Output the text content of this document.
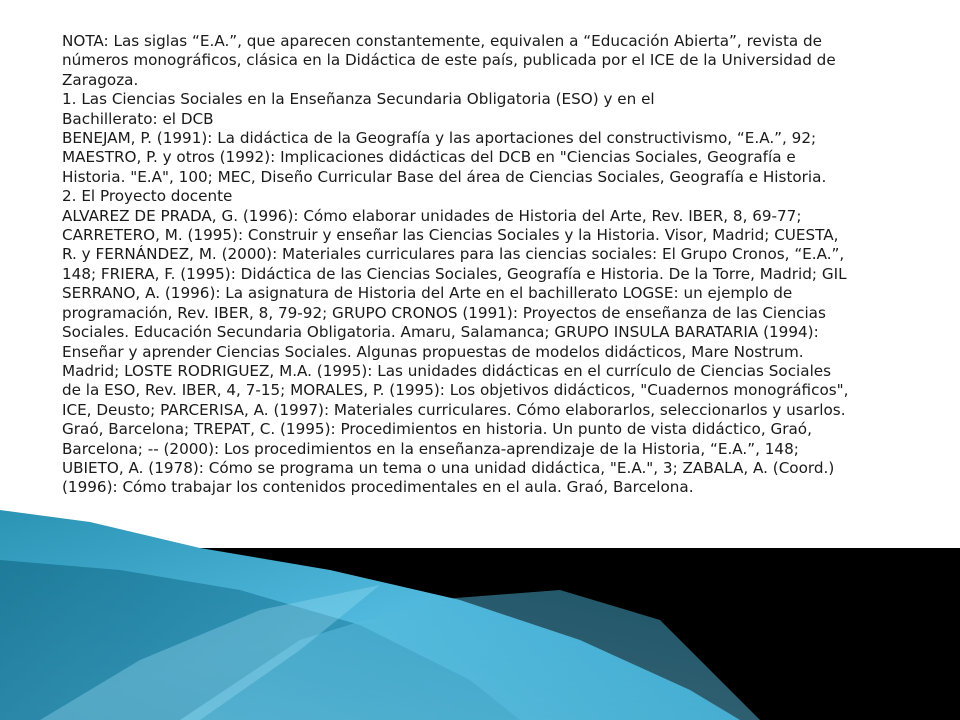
NOTA: Las siglas “E.A.”, que aparecen constantemente, equivalen a “Educación Abierta”, revista de números monográficos, clásica en la Didáctica de este país, publicada por el ICE de la Universidad de Zaragoza.

1. Las Ciencias Sociales en la Enseñanza Secundaria Obligatoria (ESO) y en el

Bachillerato: el DCB

BENEJAM, P. (1991): La didáctica de la Geografía y las aportaciones del constructivismo, “E.A.”, 92; MAESTRO, P. y otros (1992): Implicaciones didácticas del DCB en "Ciencias Sociales, Geografía e Historia. "E.A", 100; MEC, Diseño Curricular Base del área de Ciencias Sociales, Geografía e Historia.

2. El Proyecto docente

ALVAREZ DE PRADA, G. (1996): Cómo elaborar unidades de Historia del Arte, Rev. IBER, 8, 69-77; CARRETERO, M. (1995): Construir y enseñar las Ciencias Sociales y la Historia. Visor, Madrid; CUESTA, R. y FERNÁNDEZ, M. (2000): Materiales curriculares para las ciencias sociales: El Grupo Cronos, “E.A.”, 148; FRIERA, F. (1995): Didáctica de las Ciencias Sociales, Geografía e Historia. De la Torre, Madrid; GIL SERRANO, A. (1996): La asignatura de Historia del Arte en el bachillerato LOGSE: un ejemplo de programación, Rev. IBER, 8, 79-92; GRUPO CRONOS (1991): Proyectos de enseñanza de las Ciencias Sociales. Educación Secundaria Obligatoria. Amaru, Salamanca; GRUPO INSULA BARATARIA (1994): Enseñar y aprender Ciencias Sociales. Algunas propuestas de modelos didácticos, Mare Nostrum. Madrid; LOSTE RODRIGUEZ, M.A. (1995): Las unidades didácticas en el currículo de Ciencias Sociales de la ESO, Rev. IBER, 4, 7-15; MORALES, P. (1995): Los objetivos didácticos, "Cuadernos monográficos", ICE, Deusto; PARCERISA, A. (1997): Materiales curriculares. Cómo elaborarlos, seleccionarlos y usarlos. Graó, Barcelona; TREPAT, C. (1995): Procedimientos en historia. Un punto de vista didáctico, Graó, Barcelona; -- (2000): Los procedimientos en la enseñanza-aprendizaje de la Historia, “E.A.”, 148; UBIETO, A. (1978): Cómo se programa un tema o una unidad didáctica, "E.A.", 3; ZABALA, A. (Coord.) (1996): Cómo trabajar los contenidos procedimentales en el aula. Graó, Barcelona.
